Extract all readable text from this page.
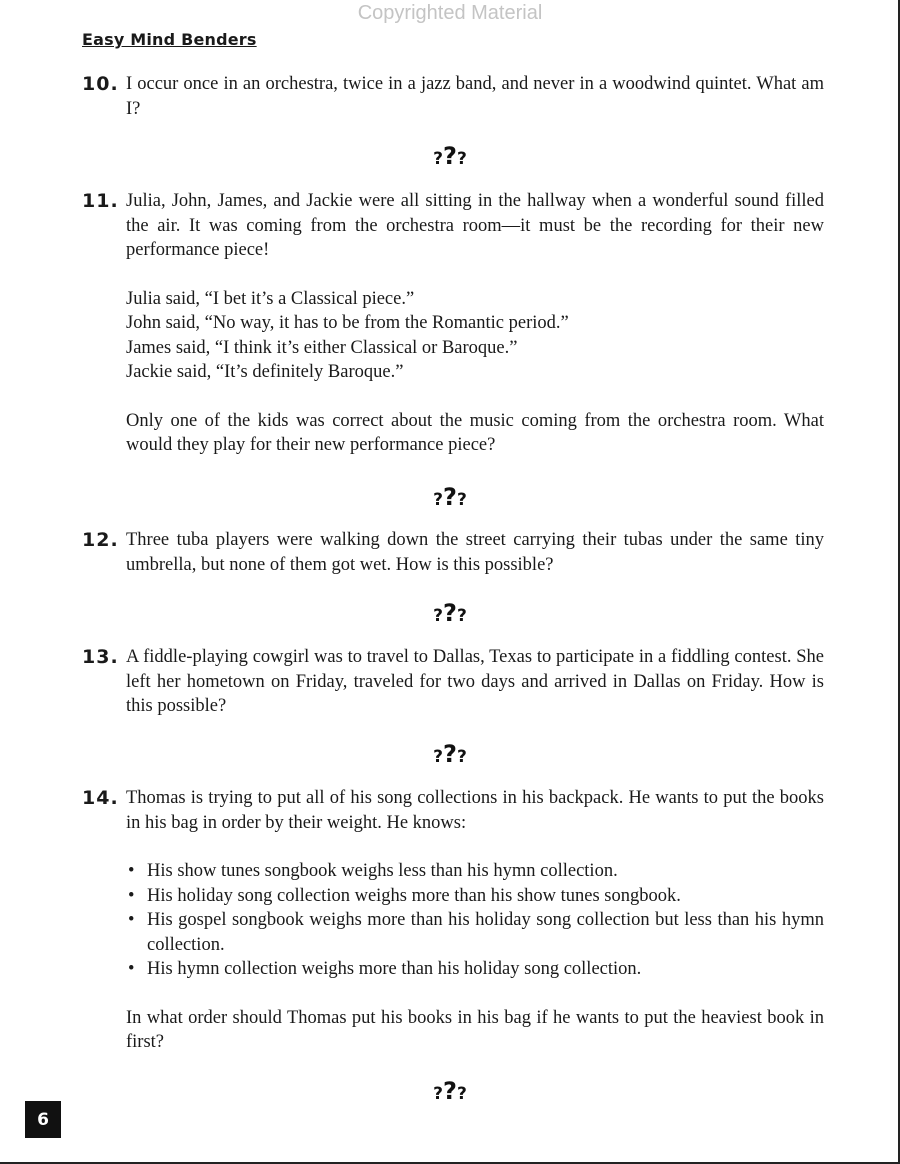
Copyrighted Material
Easy Mind Benders
10. I occur once in an orchestra, twice in a jazz band, and never in a woodwind quintet. What am I?

???
11. Julia, John, James, and Jackie were all sitting in the hallway when a wonderful sound filled the air. It was coming from the orchestra room—it must be the recording for their new performance piece!

Julia said, “I bet it’s a Classical piece.”

John said, “No way, it has to be from the Romantic period.”

James said, “I think it’s either Classical or Baroque.”

Jackie said, “It’s definitely Baroque.”

Only one of the kids was correct about the music coming from the orchestra room. What would they play for their new performance piece?

???
12. Three tuba players were walking down the street carrying their tubas under the same tiny umbrella, but none of them got wet. How is this possible?

???
13. A fiddle-playing cowgirl was to travel to Dallas, Texas to participate in a fiddling contest. She left her hometown on Friday, traveled for two days and arrived in Dallas on Friday. How is this possible?

???
14. Thomas is trying to put all of his song collections in his backpack. He wants to put the books in his bag in order by their weight. He knows:

• His show tunes songbook weighs less than his hymn collection.
• His holiday song collection weighs more than his show tunes songbook.
• His gospel songbook weighs more than his holiday song collection but less than his hymn collection.
• His hymn collection weighs more than his holiday song collection.

In what order should Thomas put his books in his bag if he wants to put the heaviest book in first?

???
6
